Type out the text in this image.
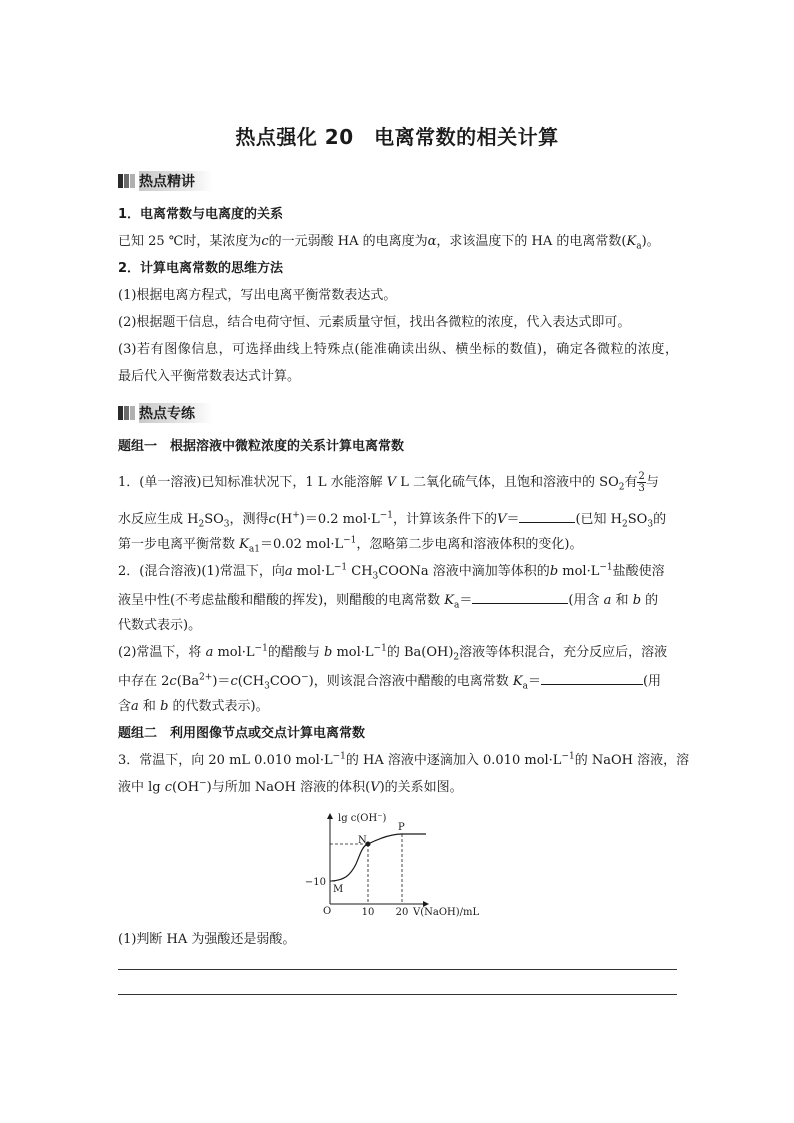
热点强化 20　电离常数的相关计算
热点精讲
1．电离常数与电离度的关系
已知 25 ℃时，某浓度为c的一元弱酸 HA 的电离度为α，求该温度下的 HA 的电离常数$(K_a)$。
2．计算电离常数的思维方法
(1)根据电离方程式，写出电离平衡常数表达式。
(2)根据题干信息，结合电荷守恒、元素质量守恒，找出各微粒的浓度，代入表达式即可。
(3)若有图像信息，可选择曲线上特殊点(能准确读出纵、横坐标的数值)，确定各微粒的浓度，
最后代入平衡常数表达式计算。
热点专练
题组一　根据溶液中微粒浓度的关系计算电离常数
1．(单一溶液)已知标准状况下，1 L 水能溶解 V L 二氧化硫气体，且饱和溶液中的 $SO_2$有 $\frac{2}{3}$ 与
水反应生成 $H_2SO_3$，测得c(H+)＝0.2 $mol\cdot L^{-1}$，计算该条件下的V＝	(已知 $H_2SO_3$的
第一步电离平衡常数 $K_{a1}=0.02$ $mol\cdot L^{-1}$，忽略第二步电离和溶液体积的变化)。
2．(混合溶液)(1)常温下，向a $mol\cdot L^{-1}$ $CH_3COONa$ 溶液中滴加等体积的b $mol\cdot L^{-1}$盐酸使溶
液呈中性(不考虑盐酸和醋酸的挥发)，则醋酸的电离常数 $K_a=$	(用含 a 和 b 的
代数式表示)。
(2)常温下，将 a $mol\cdot L^{-1}$的醋酸与 b $mol\cdot L^{-1}$的 $Ba(OH)_2$溶液等体积混合，充分反应后，溶液
中存在 $2c(Ba^{2+})=c(CH_3COO^-)$，则该混合溶液中醋酸的电离常数 $K_a=$	(用
含a 和 b 的代数式表示)。
题组二　利用图像节点或交点计算电离常数
3．常温下，向 20 mL 0.010 $mol\cdot L^{-1}$的 HA 溶液中逐滴加入 0.010 $mol\cdot L^{-1}$的 NaOH 溶液，溶
液中 lg c(OH−)与所加 NaOH 溶液的体积(V)的关系如图。
lg c(OH⁻)
−10
O	10 20 V(NaOH)/mL
M
N
P
(1)判断 HA 为强酸还是弱酸。
